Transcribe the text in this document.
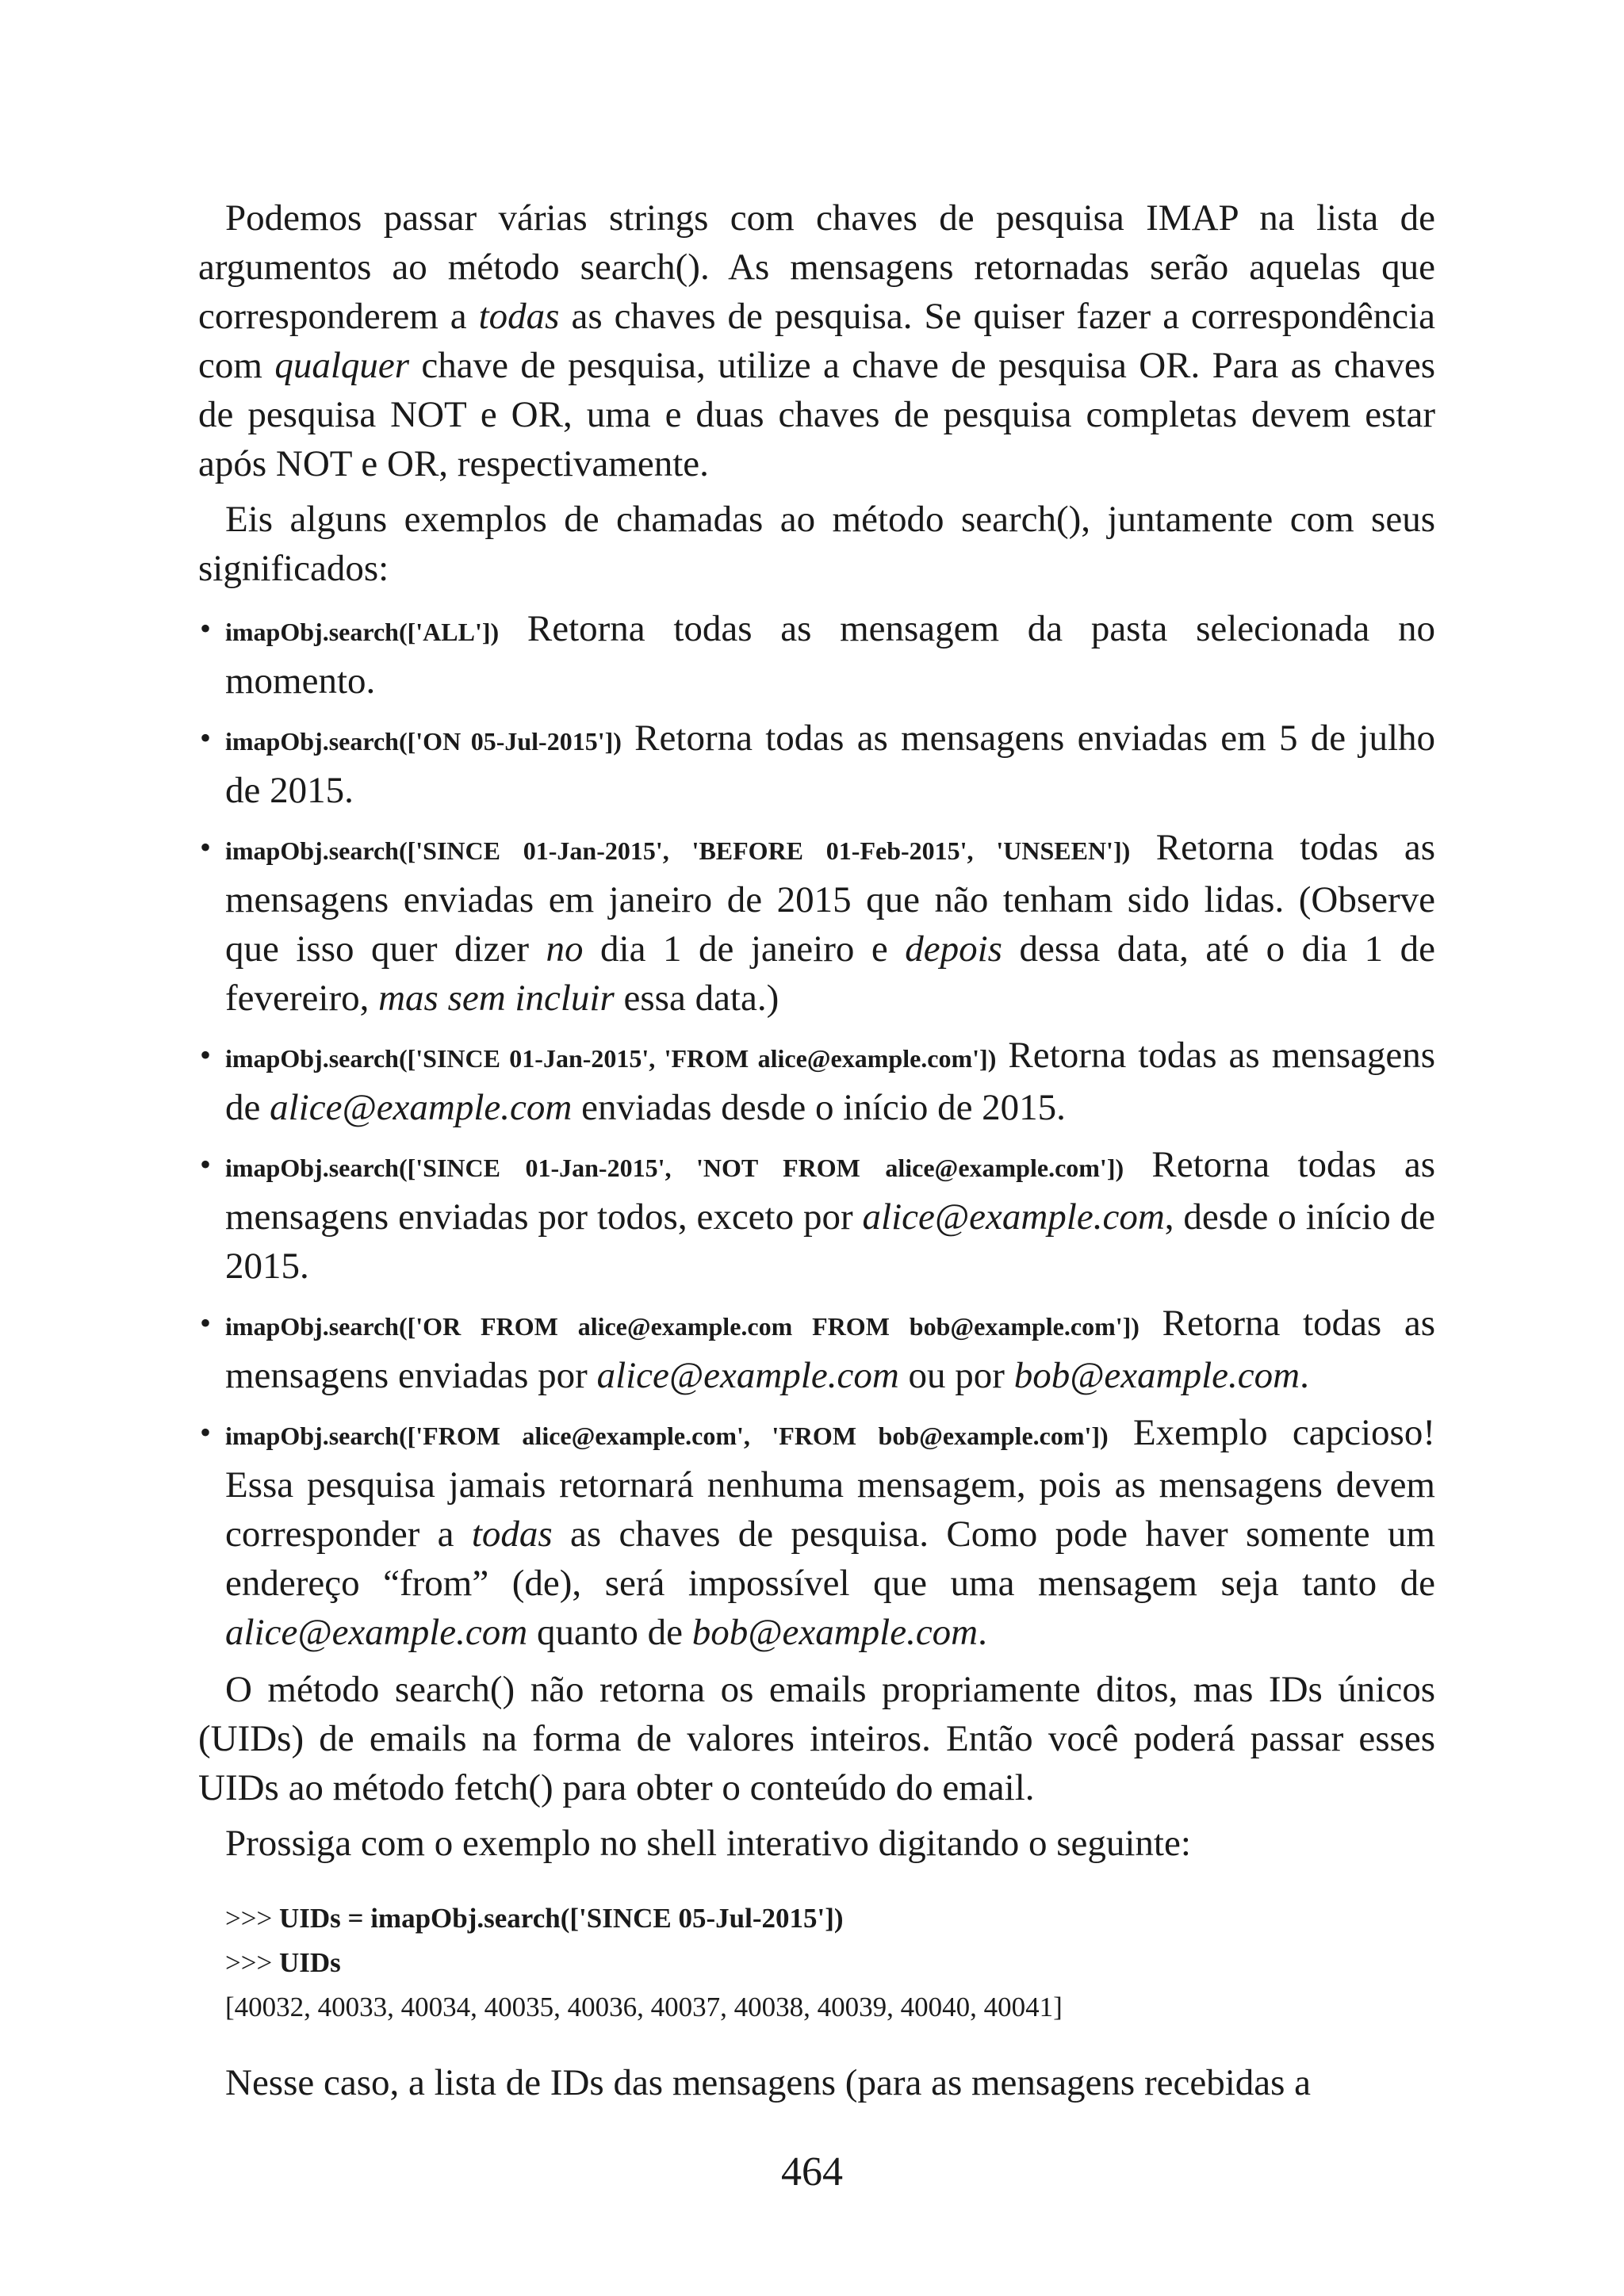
Podemos passar várias strings com chaves de pesquisa IMAP na lista de argumentos ao método search(). As mensagens retornadas serão aquelas que corresponderem a todas as chaves de pesquisa. Se quiser fazer a correspondência com qualquer chave de pesquisa, utilize a chave de pesquisa OR. Para as chaves de pesquisa NOT e OR, uma e duas chaves de pesquisa completas devem estar após NOT e OR, respectivamente.

Eis alguns exemplos de chamadas ao método search(), juntamente com seus significados:

• imapObj.search(['ALL']) Retorna todas as mensagem da pasta selecionada no momento.
• imapObj.search(['ON 05-Jul-2015']) Retorna todas as mensagens enviadas em 5 de julho de 2015.
• imapObj.search(['SINCE 01-Jan-2015', 'BEFORE 01-Feb-2015', 'UNSEEN']) Retorna todas as mensagens enviadas em janeiro de 2015 que não tenham sido lidas. (Observe que isso quer dizer no dia 1 de janeiro e depois dessa data, até o dia 1 de fevereiro, mas sem incluir essa data.)
• imapObj.search(['SINCE 01-Jan-2015', 'FROM alice@example.com']) Retorna todas as mensagens de alice@example.com enviadas desde o início de 2015.
• imapObj.search(['SINCE 01-Jan-2015', 'NOT FROM alice@example.com']) Retorna todas as mensagens enviadas por todos, exceto por alice@example.com, desde o início de 2015.
• imapObj.search(['OR FROM alice@example.com FROM bob@example.com']) Retorna todas as mensagens enviadas por alice@example.com ou por bob@example.com.
• imapObj.search(['FROM alice@example.com', 'FROM bob@example.com']) Exemplo capcioso! Essa pesquisa jamais retornará nenhuma mensagem, pois as mensagens devem corresponder a todas as chaves de pesquisa. Como pode haver somente um endereço “from” (de), será impossível que uma mensagem seja tanto de alice@example.com quanto de bob@example.com.

O método search() não retorna os emails propriamente ditos, mas IDs únicos (UIDs) de emails na forma de valores inteiros. Então você poderá passar esses UIDs ao método fetch() para obter o conteúdo do email.

Prossiga com o exemplo no shell interativo digitando o seguinte:

>>> UIDs = imapObj.search(['SINCE 05-Jul-2015'])
>>> UIDs
[40032, 40033, 40034, 40035, 40036, 40037, 40038, 40039, 40040, 40041]

Nesse caso, a lista de IDs das mensagens (para as mensagens recebidas a

464
